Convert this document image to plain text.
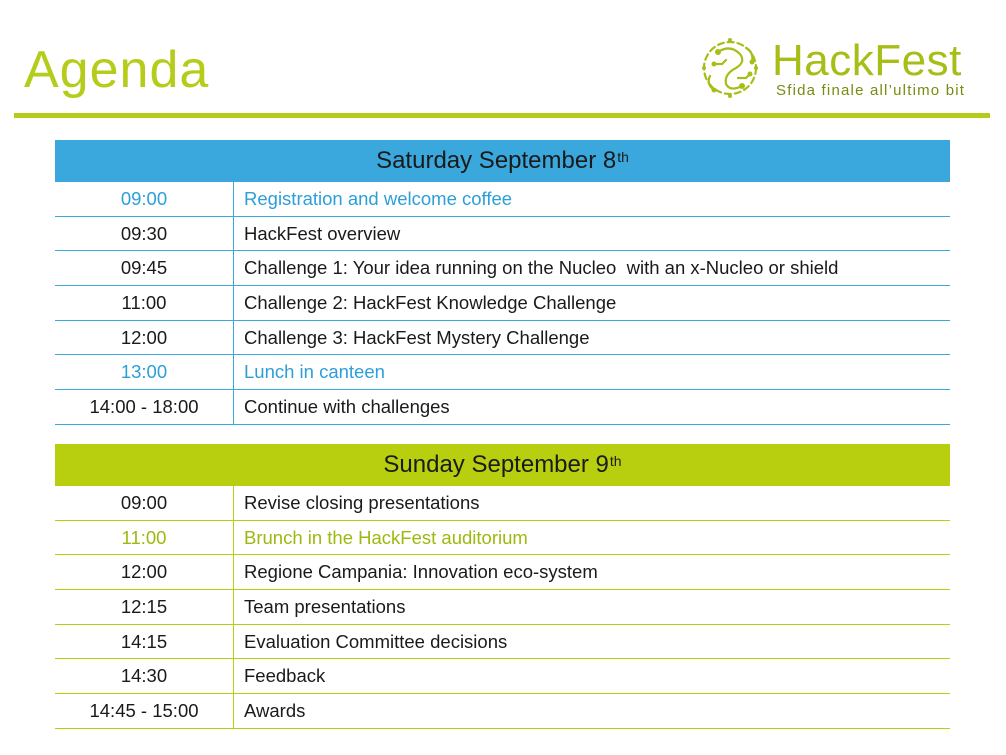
Agenda	HackFest
Sfida finale all’ultimo bit
Saturday September 8th
09:00	Registration and welcome coffee
09:30	HackFest overview
09:45	Challenge 1: Your idea running on the Nucleo  with an x-Nucleo or shield
11:00	Challenge 2: HackFest Knowledge Challenge
12:00	Challenge 3: HackFest Mystery Challenge
13:00	Lunch in canteen
14:00 - 18:00	Continue with challenges
Sunday September 9th
09:00	Revise closing presentations
11:00	Brunch in the HackFest auditorium
12:00	Regione Campania: Innovation eco-system
12:15	Team presentations
14:15	Evaluation Committee decisions
14:30	Feedback
14:45 - 15:00	Awards
